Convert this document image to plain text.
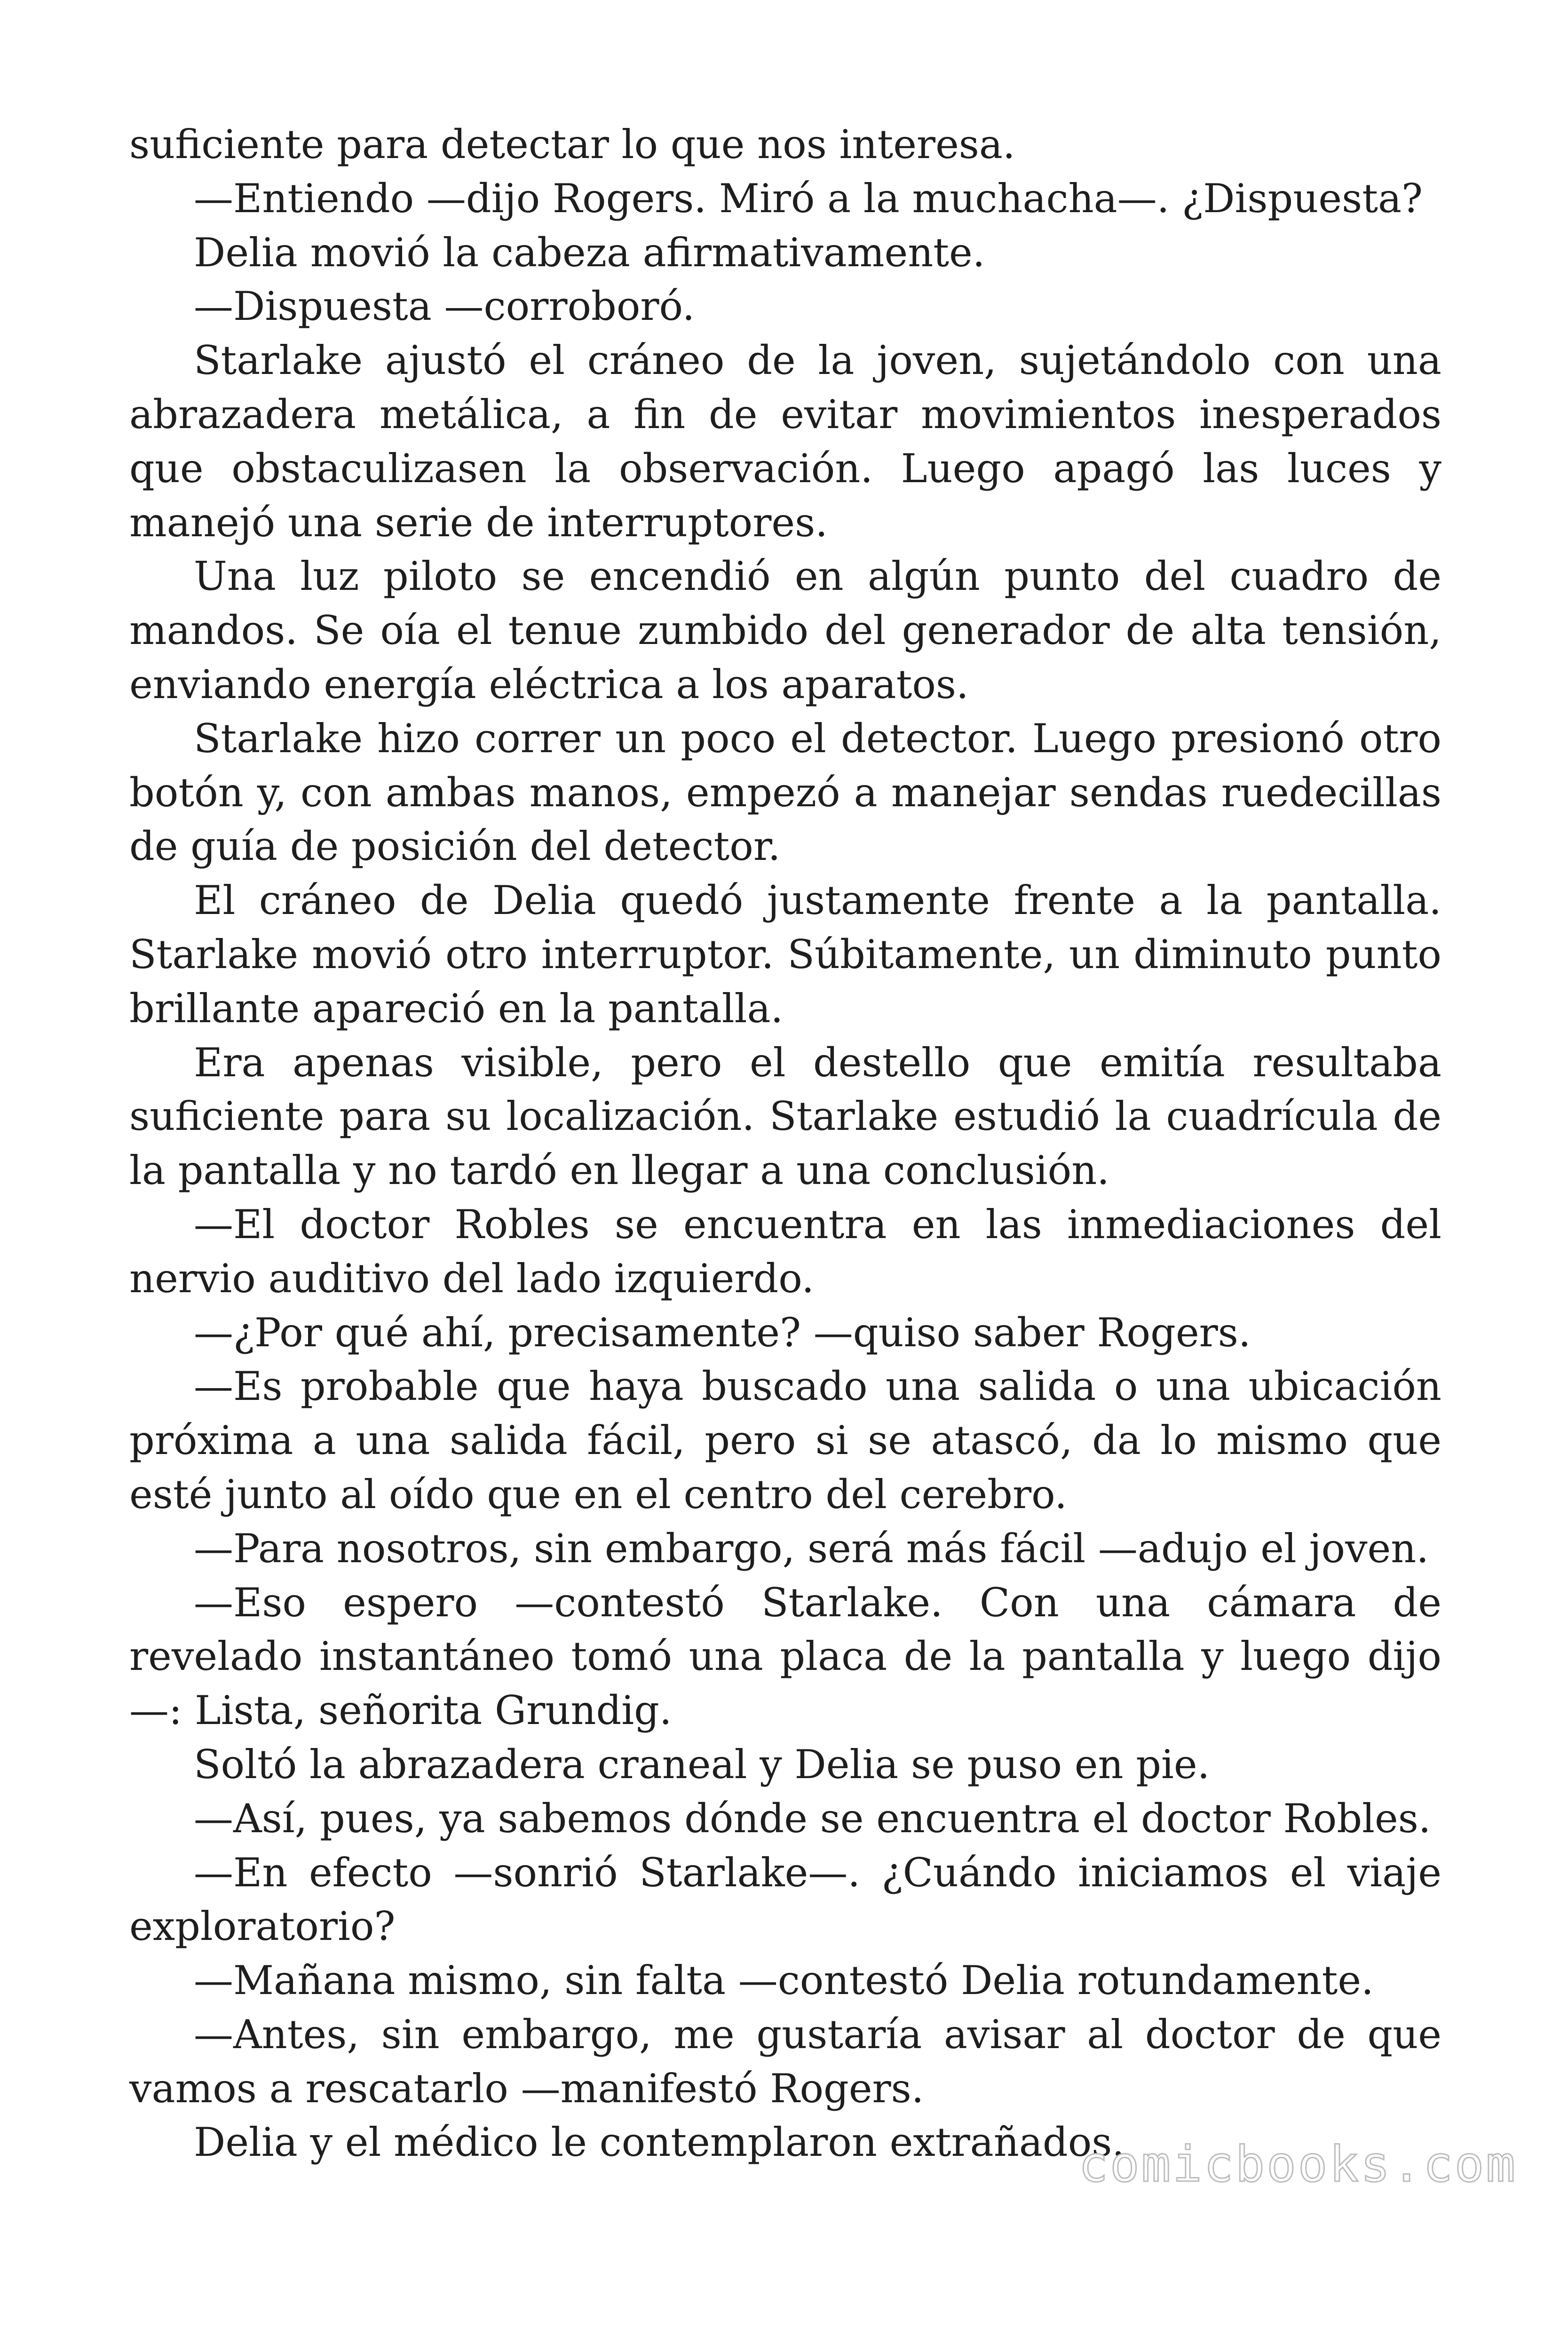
suficiente para detectar lo que nos interesa.

—Entiendo —dijo Rogers. Miró a la muchacha—. ¿Dispuesta?

Delia movió la cabeza afirmativamente.

—Dispuesta —corroboró.

Starlake ajustó el cráneo de la joven, sujetándolo con una abrazadera metálica, a fin de evitar movimientos inesperados que obstaculizasen la observación. Luego apagó las luces y manejó una serie de interruptores.

Una luz piloto se encendió en algún punto del cuadro de mandos. Se oía el tenue zumbido del generador de alta tensión, enviando energía eléctrica a los aparatos.

Starlake hizo correr un poco el detector. Luego presionó otro botón y, con ambas manos, empezó a manejar sendas ruedecillas de guía de posición del detector.

El cráneo de Delia quedó justamente frente a la pantalla. Starlake movió otro interruptor. Súbitamente, un diminuto punto brillante apareció en la pantalla.

Era apenas visible, pero el destello que emitía resultaba suficiente para su localización. Starlake estudió la cuadrícula de la pantalla y no tardó en llegar a una conclusión.

—El doctor Robles se encuentra en las inmediaciones del nervio auditivo del lado izquierdo.

—¿Por qué ahí, precisamente? —quiso saber Rogers.

—Es probable que haya buscado una salida o una ubicación próxima a una salida fácil, pero si se atascó, da lo mismo que esté junto al oído que en el centro del cerebro.

—Para nosotros, sin embargo, será más fácil —adujo el joven.

—Eso espero —contestó Starlake. Con una cámara de revelado instantáneo tomó una placa de la pantalla y luego dijo—: Lista, señorita Grundig.

Soltó la abrazadera craneal y Delia se puso en pie.

—Así, pues, ya sabemos dónde se encuentra el doctor Robles.

—En efecto —sonrió Starlake—. ¿Cuándo iniciamos el viaje exploratorio?

—Mañana mismo, sin falta —contestó Delia rotundamente.

—Antes, sin embargo, me gustaría avisar al doctor de que vamos a rescatarlo —manifestó Rogers.

Delia y el médico le contemplaron extrañados.

comicbooks.com
